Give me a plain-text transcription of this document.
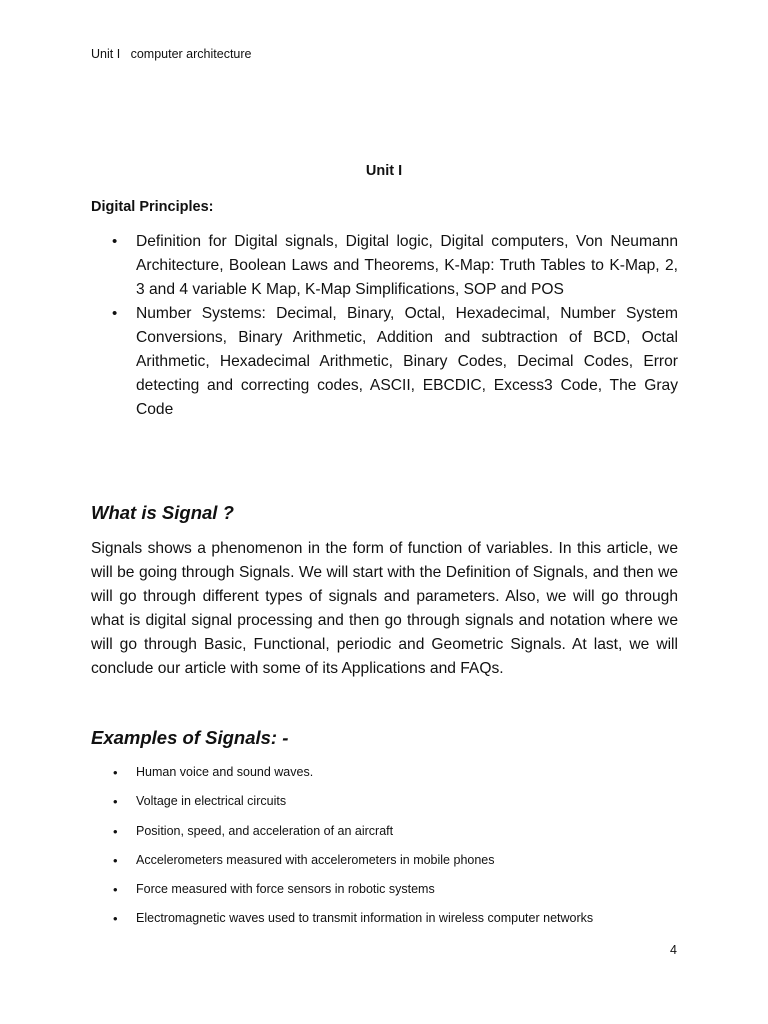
Unit I   computer architecture
Unit I
Digital Principles:
• Definition for Digital signals, Digital logic, Digital computers, Von Neumann Architecture, Boolean Laws and Theorems, K-Map: Truth Tables to K-Map, 2, 3 and 4 variable K Map, K-Map Simplifications, SOP and POS
• Number Systems: Decimal, Binary, Octal, Hexadecimal, Number System Conversions, Binary Arithmetic, Addition and subtraction of BCD, Octal Arithmetic, Hexadecimal Arithmetic, Binary Codes, Decimal Codes, Error detecting and correcting codes, ASCII, EBCDIC, Excess3 Code, The Gray Code
What is Signal ?

Signals shows a phenomenon in the form of function of variables. In this article, we will be going through Signals. We will start with the Definition of Signals, and then we will go through different types of signals and parameters. Also, we will go through what is digital signal processing and then go through signals and notation where we will go through Basic, Functional, periodic and Geometric Signals. At last, we will conclude our article with some of its Applications and FAQs.

Examples of Signals: -
• Human voice and sound waves.
• Voltage in electrical circuits
• Position, speed, and acceleration of an aircraft
• Accelerometers measured with accelerometers in mobile phones
• Force measured with force sensors in robotic systems
• Electromagnetic waves used to transmit information in wireless computer networks
4
